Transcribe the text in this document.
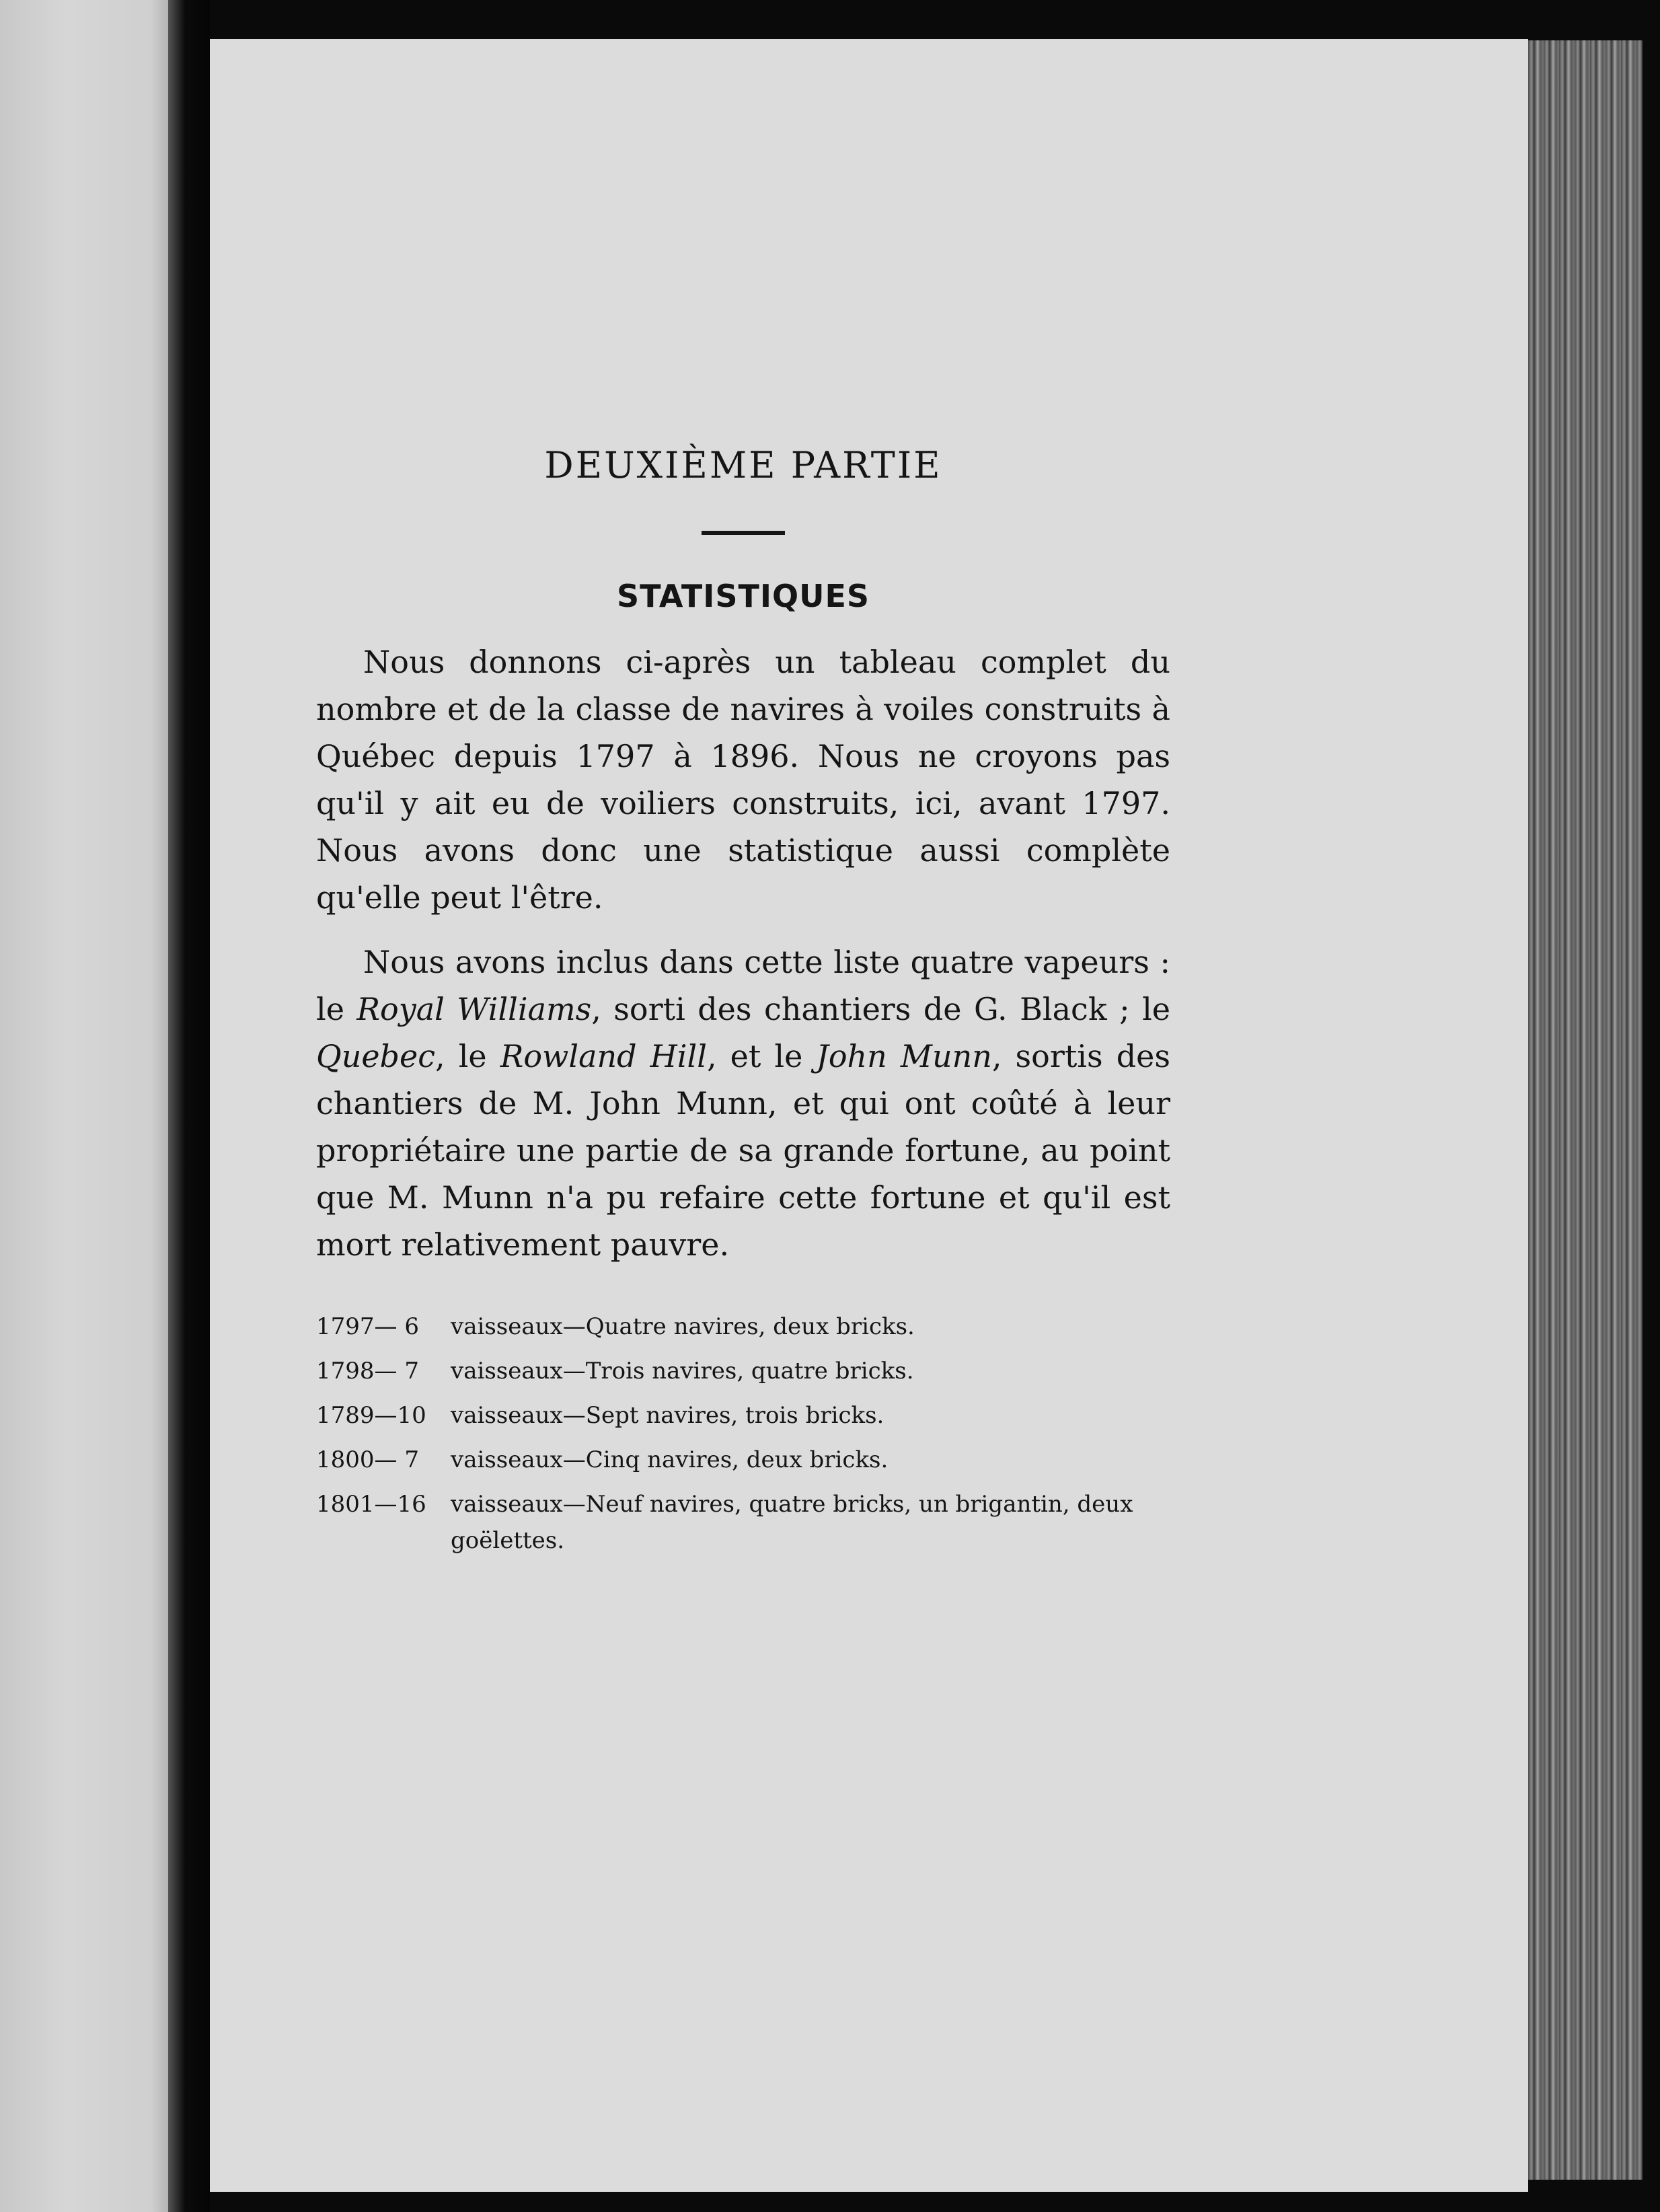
DEUXIÈME PARTIE
STATISTIQUES

Nous donnons ci-après un tableau complet du nombre et de la classe de navires à voiles construits à Québec depuis 1797 à 1896. Nous ne croyons pas qu'il y ait eu de voiliers construits, ici, avant 1797. Nous avons donc une statistique aussi complète qu'elle peut l'être.

Nous avons inclus dans cette liste quatre vapeurs : le Royal Williams, sorti des chantiers de G. Black ; le Quebec, le Rowland Hill, et le John Munn, sortis des chantiers de M. John Munn, et qui ont coûté à leur propriétaire une partie de sa grande fortune, au point que M. Munn n'a pu refaire cette fortune et qu'il est mort relativement pauvre.

1797— 6	vaisseaux—Quatre navires, deux bricks.
1798— 7	vaisseaux—Trois navires, quatre bricks.
1789—10	vaisseaux—Sept navires, trois bricks.
1800— 7	vaisseaux—Cinq navires, deux bricks.
1801—16	vaisseaux—Neuf navires, quatre bricks, un brigantin, deux goëlettes.
